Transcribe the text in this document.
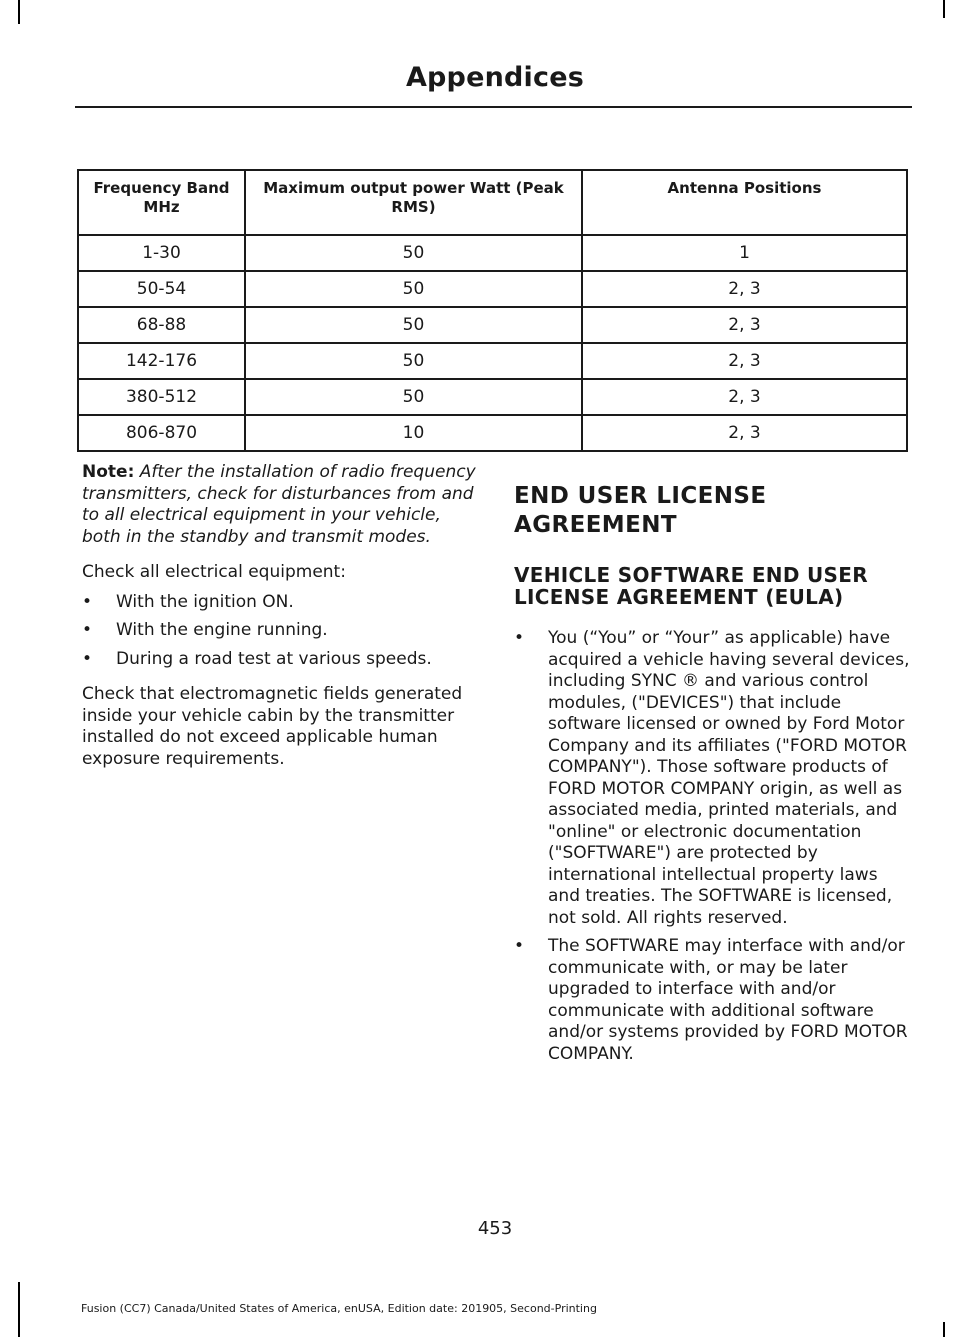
Appendices
Frequency Band MHz	Maximum output power Watt (Peak RMS)	Antenna Positions
1-30	50	1
50-54	50	2, 3
68-88	50	2, 3
142-176	50	2, 3
380-512	50	2, 3
806-870	10	2, 3

Note: After the installation of radio frequency transmitters, check for disturbances from and to all electrical equipment in your vehicle, both in the standby and transmit modes.

Check all electrical equipment:

• With the ignition ON.
• With the engine running.
• During a road test at various speeds.

Check that electromagnetic fields generated inside your vehicle cabin by the transmitter installed do not exceed applicable human exposure requirements.

END USER LICENSE
AGREEMENT
VEHICLE SOFTWARE END USER LICENSE AGREEMENT (EULA)
• You (“You” or “Your” as applicable) have acquired a vehicle having several devices, including SYNC ® and various control modules, ("DEVICES") that include software licensed or owned by Ford Motor Company and its affiliates ("FORD MOTOR COMPANY"). Those software products of FORD MOTOR COMPANY origin, as well as associated media, printed materials, and "online" or electronic documentation ("SOFTWARE") are protected by international intellectual property laws and treaties. The SOFTWARE is licensed, not sold. All rights reserved.
• The SOFTWARE may interface with and/or communicate with, or may be later upgraded to interface with and/or communicate with additional software and/or systems provided by FORD MOTOR COMPANY.
453
Fusion (CC7) Canada/United States of America, enUSA, Edition date: 201905, Second-Printing
